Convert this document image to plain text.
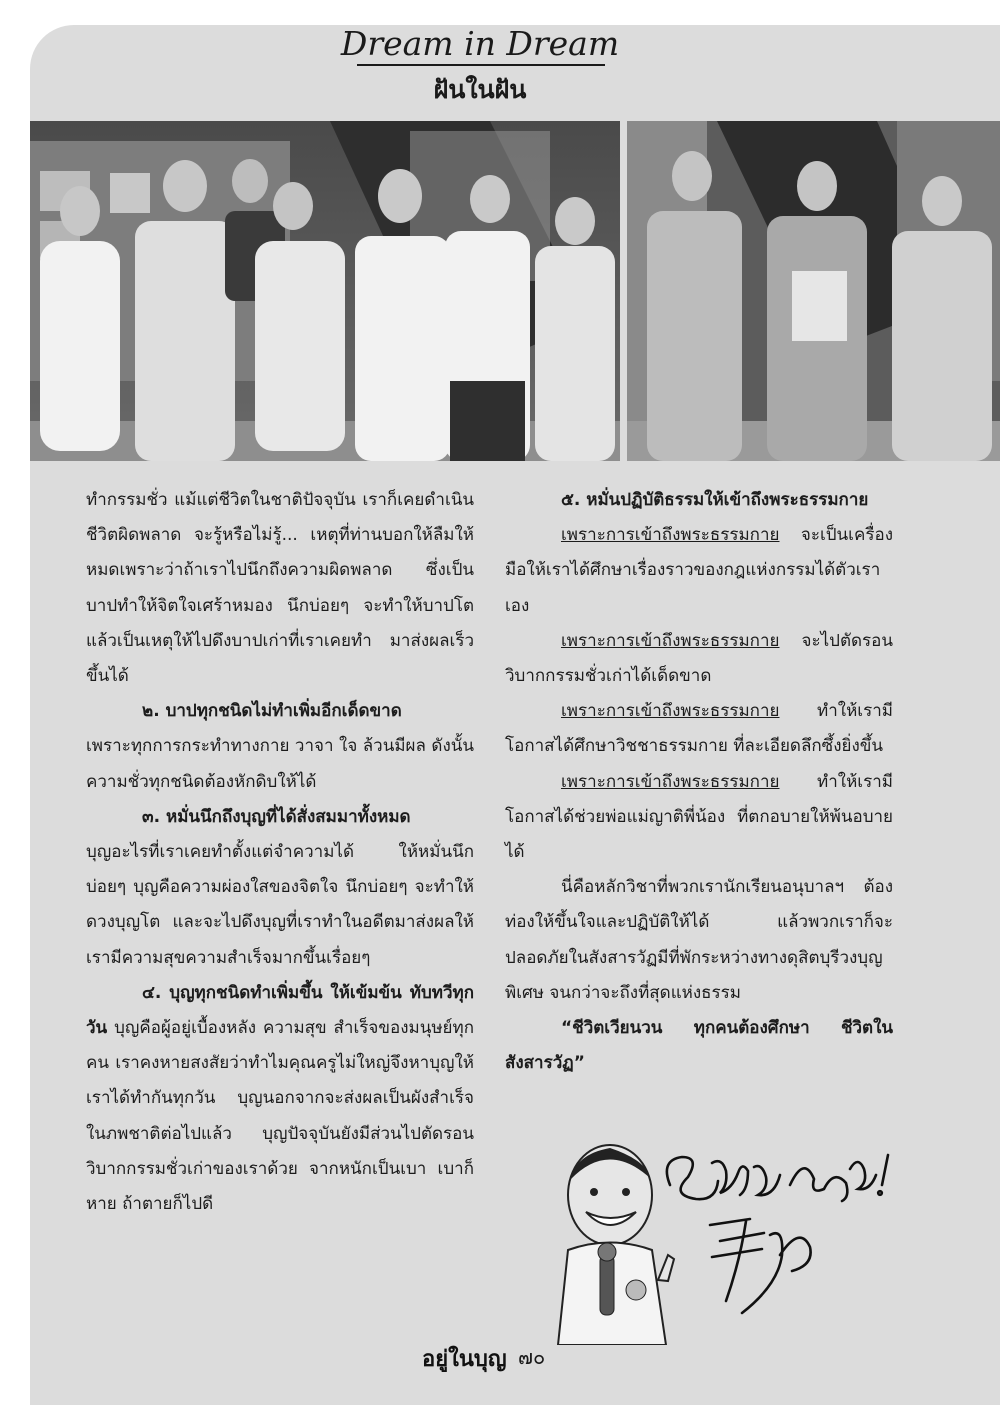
Dream in Dream
ฝันในฝัน

ทำกรรมชั่ว แม้แต่ชีวิตในชาติปัจจุบัน เราก็เคยดำเนินชีวิตผิดพลาด จะรู้หรือไม่รู้... เหตุที่ท่านบอกให้ลืมให้หมดเพราะว่าถ้าเราไปนึกถึงความผิดพลาด ซึ่งเป็นบาปทำให้จิตใจเศร้าหมอง นึกบ่อยๆ จะทำให้บาปโต แล้วเป็นเหตุให้ไปดึงบาปเก่าที่เราเคยทำ มาส่งผลเร็วขึ้นได้

๒. บาปทุกชนิดไม่ทำเพิ่มอีกเด็ดขาด

เพราะทุกการกระทำทางกาย วาจา ใจ ล้วนมีผล ดังนั้นความชั่วทุกชนิดต้องหักดิบให้ได้

๓. หมั่นนึกถึงบุญที่ได้สั่งสมมาทั้งหมด

บุญอะไรที่เราเคยทำตั้งแต่จำความได้ ให้หมั่นนึกบ่อยๆ บุญคือความผ่องใสของจิตใจ นึกบ่อยๆ จะทำให้ดวงบุญโต และจะไปดึงบุญที่เราทำในอดีตมาส่งผลให้เรามีความสุขความสำเร็จมากขึ้นเรื่อยๆ

๔. บุญทุกชนิดทำเพิ่มขึ้น ให้เข้มข้น ทับทวีทุกวัน บุญคือผู้อยู่เบื้องหลัง ความสุข สำเร็จของมนุษย์ทุกคน เราคงหายสงสัยว่าทำไมคุณครูไม่ใหญ่จึงหาบุญให้เราได้ทำกันทุกวัน บุญนอกจากจะส่งผลเป็นผังสำเร็จในภพชาติต่อไปแล้ว บุญปัจจุบันยังมีส่วนไปตัดรอนวิบากกรรมชั่วเก่าของเราด้วย จากหนักเป็นเบา เบาก็หาย ถ้าตายก็ไปดี

๕. หมั่นปฏิบัติธรรมให้เข้าถึงพระธรรมกาย

เพราะการเข้าถึงพระธรรมกาย จะเป็นเครื่องมือให้เราได้ศึกษาเรื่องราวของกฎแห่งกรรมได้ตัวเราเอง

เพราะการเข้าถึงพระธรรมกาย จะไปตัดรอนวิบากกรรมชั่วเก่าได้เด็ดขาด

เพราะการเข้าถึงพระธรรมกาย ทำให้เรามีโอกาสได้ศึกษาวิชชาธรรมกาย ที่ละเอียดลึกซึ้งยิ่งขึ้น

เพราะการเข้าถึงพระธรรมกาย ทำให้เรามีโอกาสได้ช่วยพ่อแม่ญาติพี่น้อง ที่ตกอบายให้พ้นอบายได้

นี่คือหลักวิชาที่พวกเรานักเรียนอนุบาลฯ ต้องท่องให้ขึ้นใจและปฏิบัติให้ได้ แล้วพวกเราก็จะปลอดภัยในสังสารวัฏมีที่พักระหว่างทางดุสิตบุรีวงบุญพิเศษ จนกว่าจะถึงที่สุดแห่งธรรม

“ชีวิตเวียนวน ทุกคนต้องศึกษา ชีวิตในสังสารวัฏ”

อยู่ในบุญ ๗๐
